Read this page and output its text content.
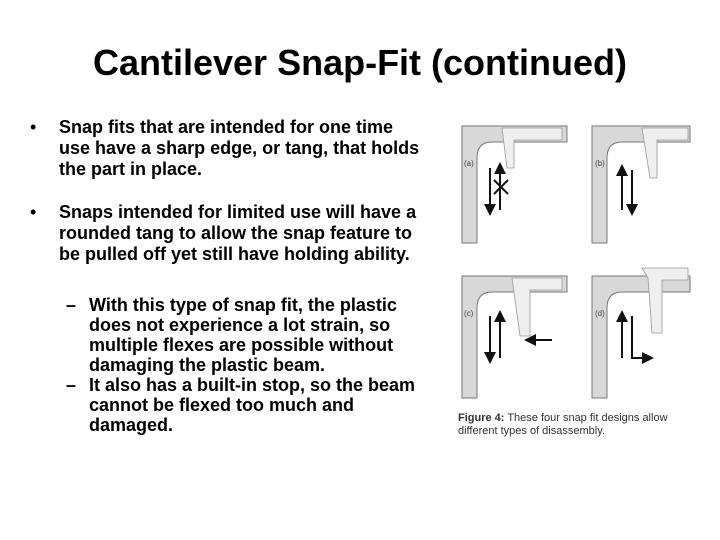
Cantilever Snap-Fit (continued)
• Snap fits that are intended for one time use have a sharp edge, or tang, that holds the part in place.
• Snaps intended for limited use will have a rounded tang to allow the snap feature to be pulled off yet still have holding ability.
– With this type of snap fit, the plastic does not experience a lot strain, so multiple flexes are possible without damaging the plastic beam.
– It also has a built-in stop, so the beam cannot be flexed too much and damaged.
(a)	(b)
(c)	(d)
Figure 4: These four snap fit designs allow different types of disassembly.
